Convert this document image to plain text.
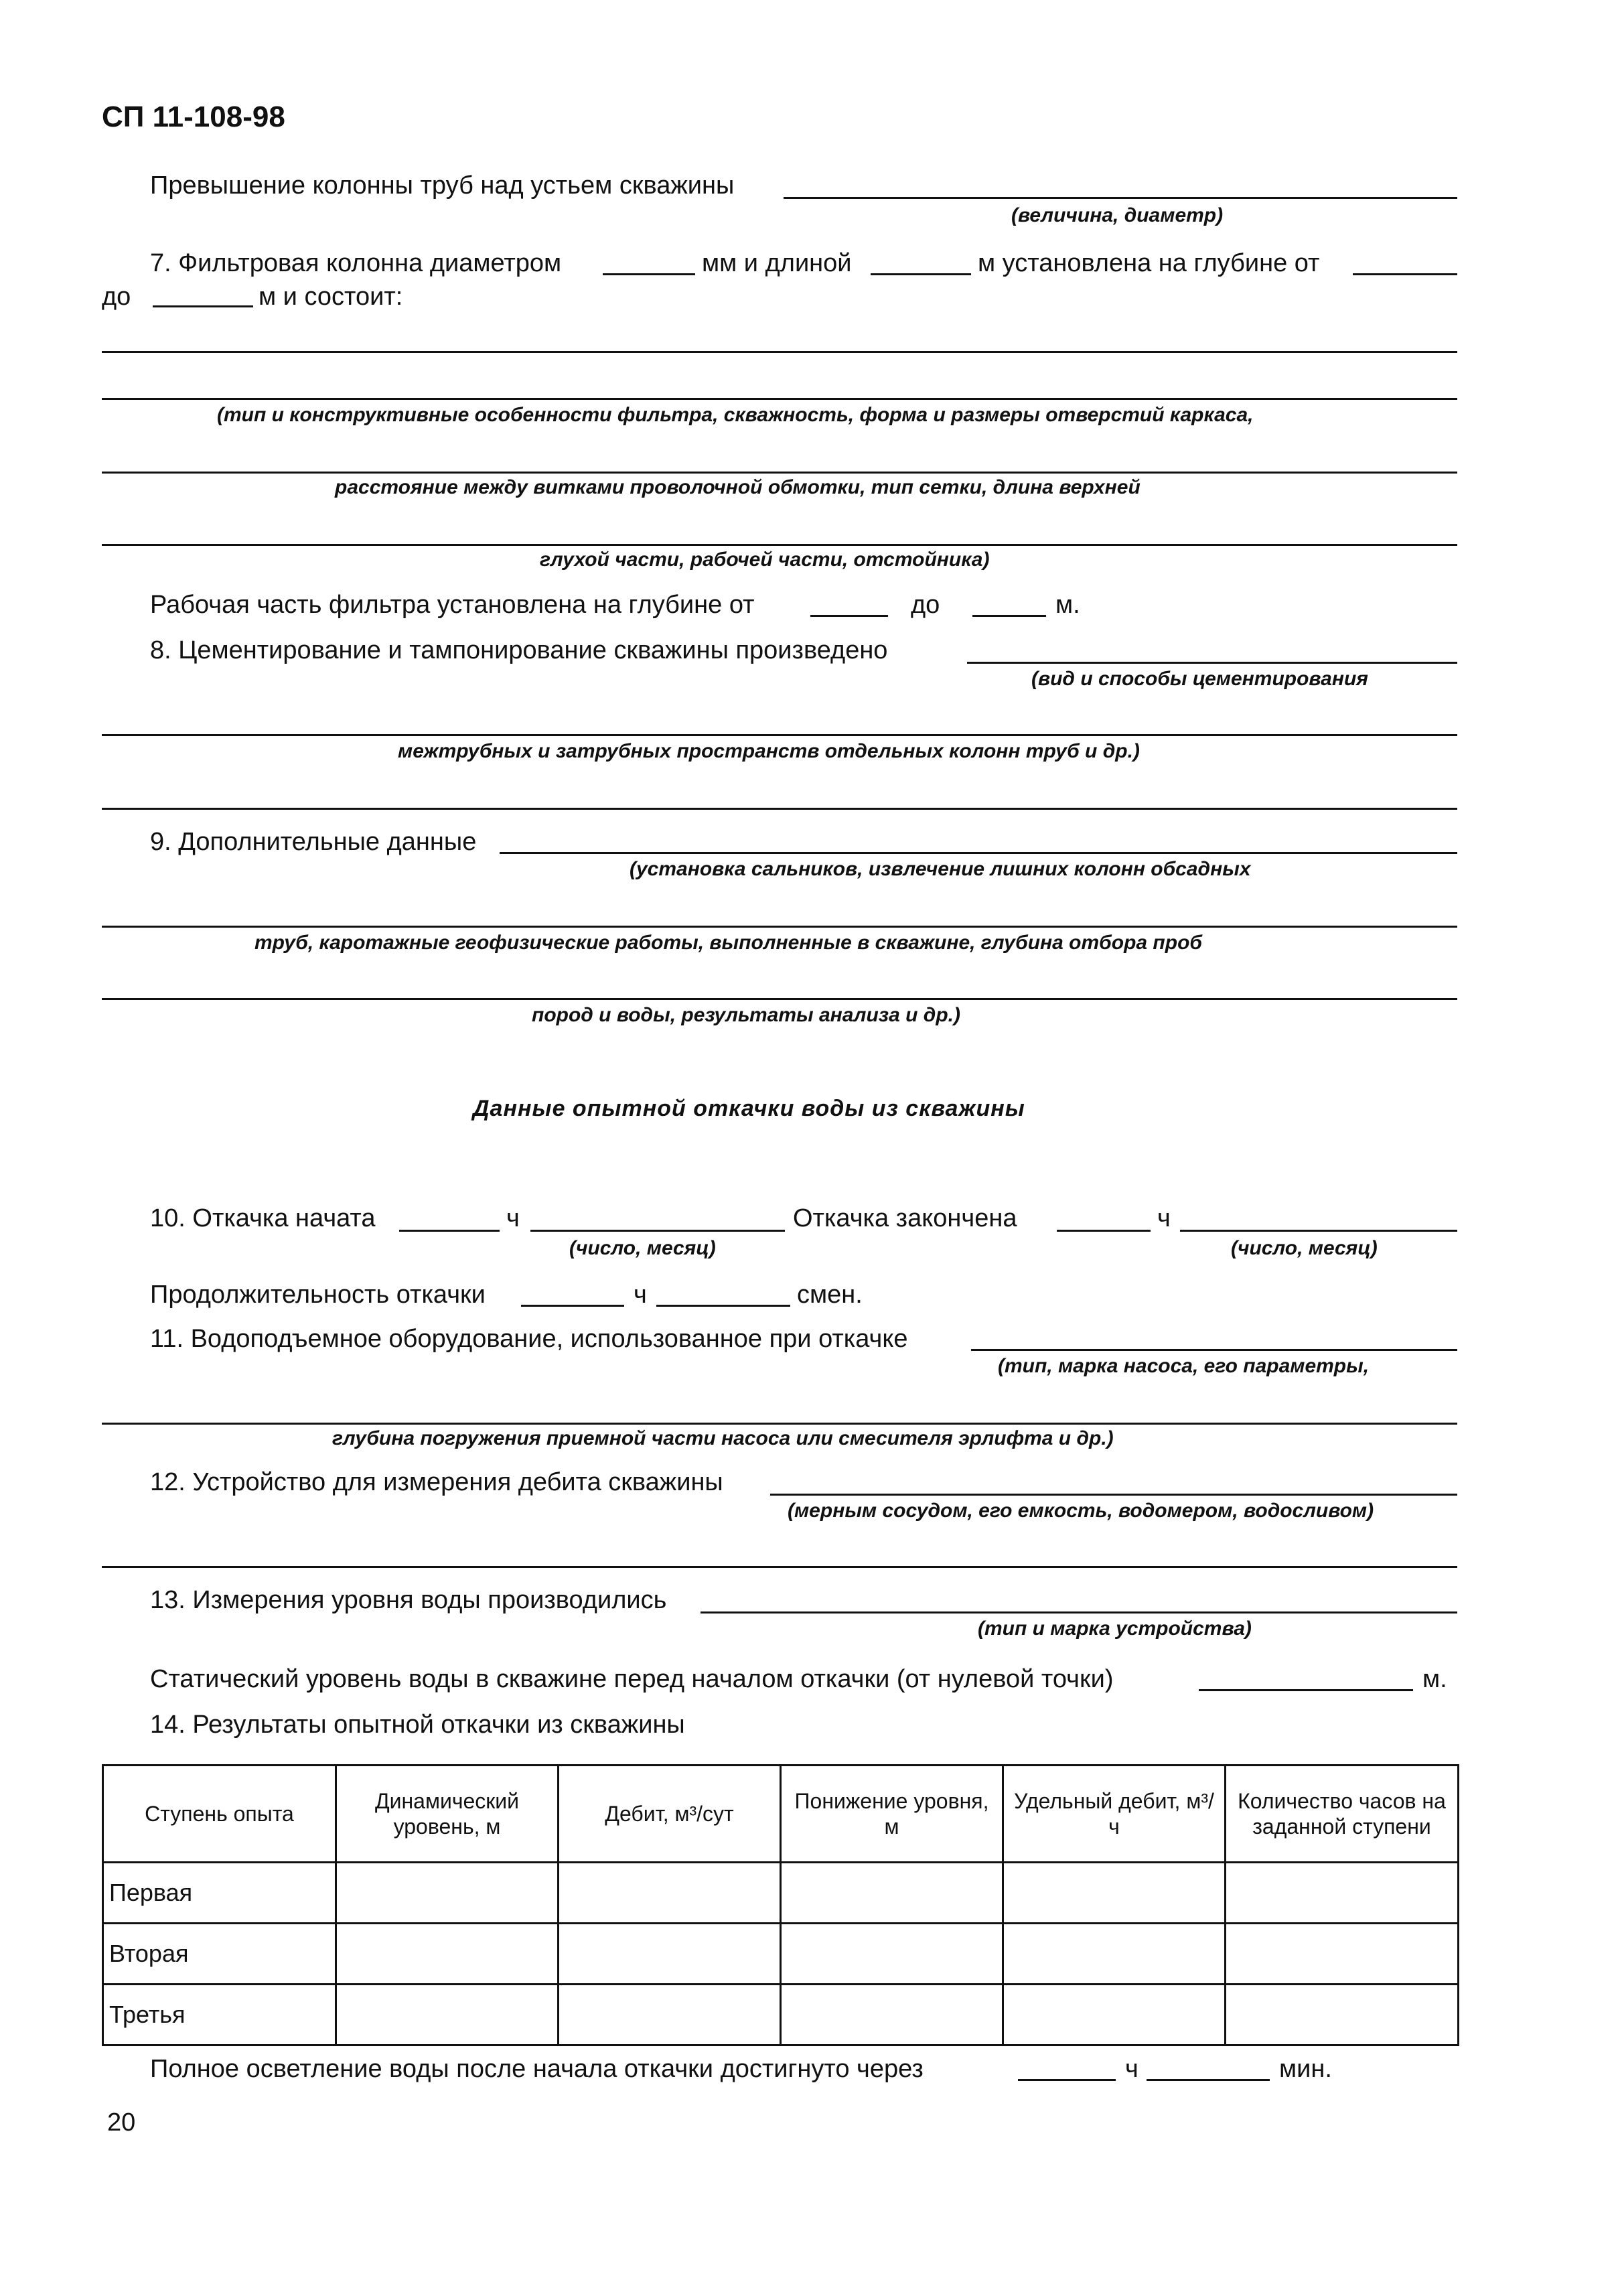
СП 11-108-98
Превышение колонны труб над устьем скважины
(величина, диаметр)
7. Фильтровая колонна диаметром	мм и длиной	м установлена на глубине от
до	м и состоит:
(тип и конструктивные особенности фильтра, скважность, форма и размеры отверстий каркаса,
расстояние между витками проволочной обмотки, тип сетки, длина верхней
глухой части, рабочей части, отстойника)
Рабочая часть фильтра установлена на глубине от	до	м.
8. Цементирование и тампонирование скважины произведено
(вид и способы цементирования
межтрубных и затрубных пространств отдельных колонн труб и др.)
9. Дополнительные данные
(установка сальников, извлечение лишних колонн обсадных
труб, каротажные геофизические работы, выполненные в скважине, глубина отбора проб
пород и воды, результаты анализа и др.)
Данные опытной откачки воды из скважины
10. Откачка начата	ч
(число, месяц)
Откачка закончена	ч
(число, месяц)
Продолжительность откачки	ч	смен.
11. Водоподъемное оборудование, использованное при откачке
(тип, марка насоса, его параметры,
глубина погружения приемной части насоса или смесителя эрлифта и др.)
12. Устройство для измерения дебита скважины
(мерным сосудом, его емкость, водомером, водосливом)
13. Измерения уровня воды производились
(тип и марка устройства)
Статический уровень воды в скважине перед началом откачки (от нулевой точки)	м.
14. Результаты опытной откачки из скважины
Ступень опыта	Динамический уровень, м	Дебит, м³/сут	Понижение уровня, м	Удельный дебит, м³/ч	Количество часов на заданной ступени
Первая					
Вторая					
Третья					
Полное осветление воды после начала откачки достигнуто через	ч	мин.
20
